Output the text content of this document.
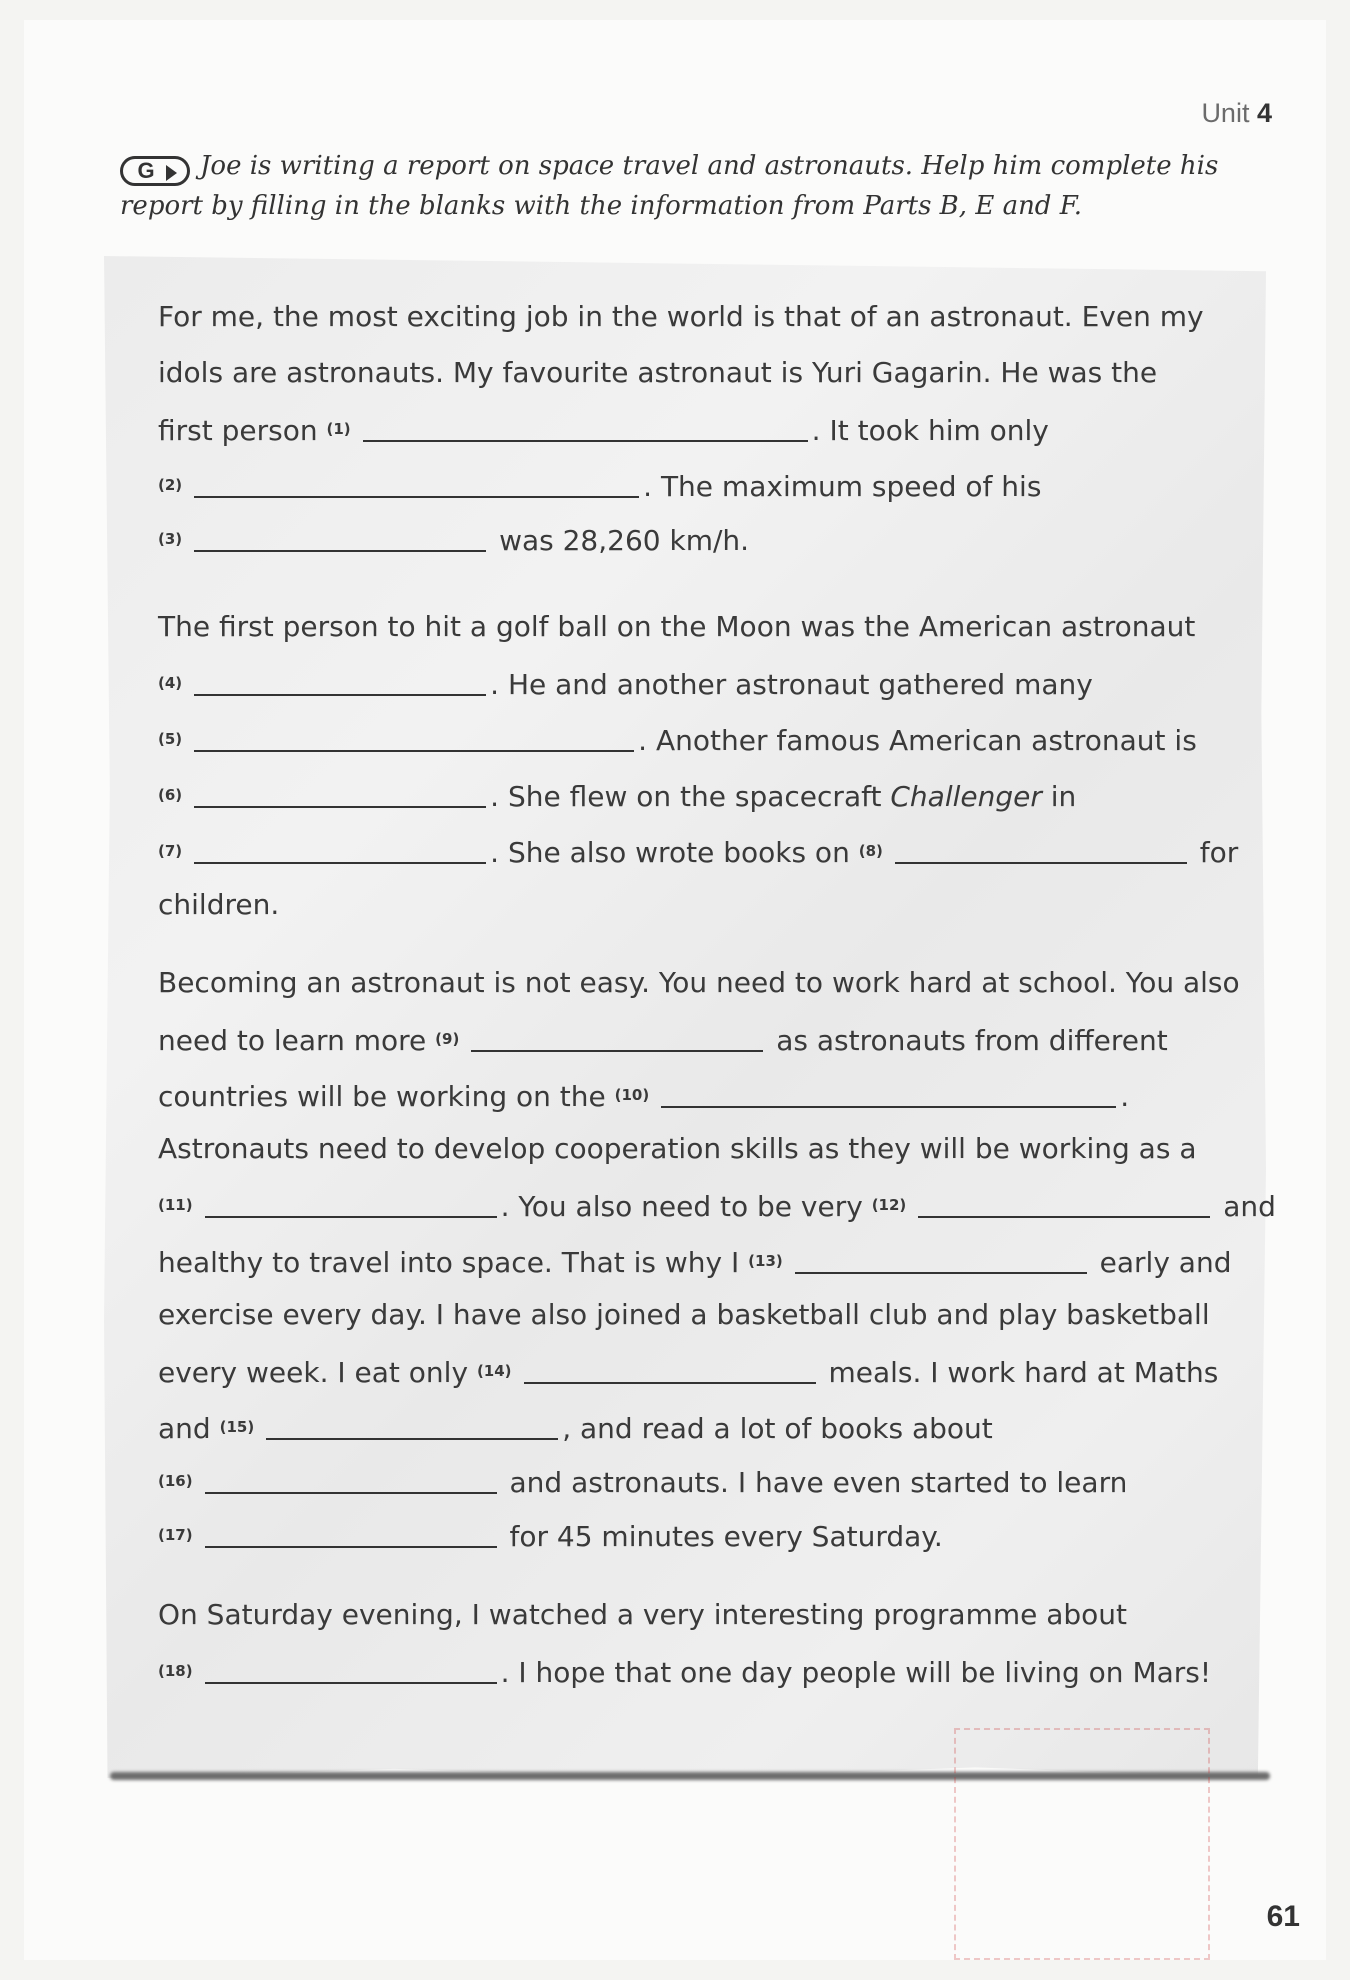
Unit 4
G Joe is writing a report on space travel and astronauts. Help him complete his report by filling in the blanks with the information from Parts B, E and F.
For me, the most exciting job in the world is that of an astronaut. Even my
idols are astronauts. My favourite astronaut is Yuri Gagarin. He was the
first person $^{(1)}$	. It took him only
$^{(2)}$	. The maximum speed of his
$^{(3)}$	was 28,260 km/h.
The first person to hit a golf ball on the Moon was the American astronaut
$^{(4)}$	. He and another astronaut gathered many
$^{(5)}$	. Another famous American astronaut is
$^{(6)}$	. She flew on the spacecraft Challenger in
$^{(7)}$	. She also wrote books on $^{(8)}$	for
children.
Becoming an astronaut is not easy. You need to work hard at school. You also
need to learn more $^{(9)}$	as astronauts from different
countries will be working on the $^{(10)}$	.
Astronauts need to develop cooperation skills as they will be working as a
$^{(11)}$	. You also need to be very $^{(12)}$	and
healthy to travel into space. That is why I $^{(13)}$	early and
exercise every day. I have also joined a basketball club and play basketball
every week. I eat only $^{(14)}$	meals. I work hard at Maths
and $^{(15)}$	, and read a lot of books about
$^{(16)}$	and astronauts. I have even started to learn
$^{(17)}$	for 45 minutes every Saturday.
On Saturday evening, I watched a very interesting programme about
$^{(18)}$	. I hope that one day people will be living on Mars!
61
